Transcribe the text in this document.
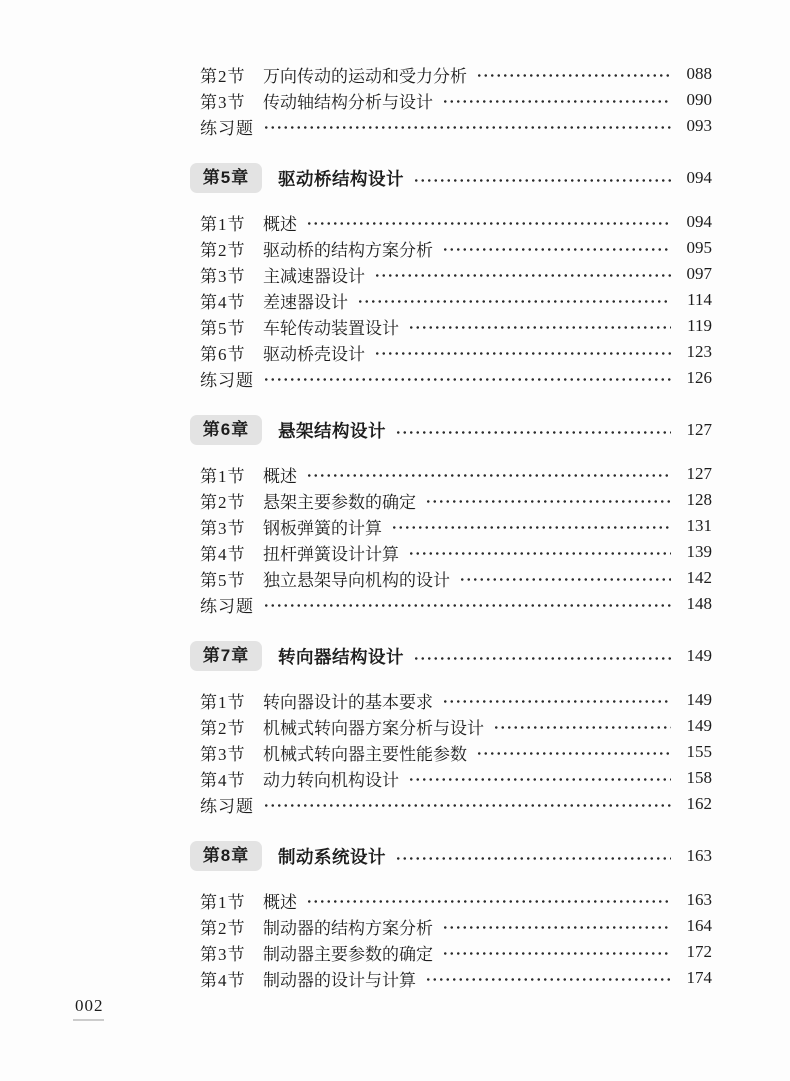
第2节 万向传动的运动和受力分析	088
第3节 传动轴结构分析与设计	090
练习题	093
第5章	驱动桥结构设计	094
第1节 概述	094
第2节 驱动桥的结构方案分析	095
第3节 主减速器设计	097
第4节 差速器设计	114
第5节 车轮传动装置设计	119
第6节 驱动桥壳设计	123
练习题	126
第6章	悬架结构设计	127
第1节 概述	127
第2节 悬架主要参数的确定	128
第3节 钢板弹簧的计算	131
第4节 扭杆弹簧设计计算	139
第5节 独立悬架导向机构的设计	142
练习题	148
第7章	转向器结构设计	149
第1节 转向器设计的基本要求	149
第2节 机械式转向器方案分析与设计	149
第3节 机械式转向器主要性能参数	155
第4节 动力转向机构设计	158
练习题	162
第8章	制动系统设计	163
第1节 概述	163
第2节 制动器的结构方案分析	164
第3节 制动器主要参数的确定	172
第4节 制动器的设计与计算	174
002
